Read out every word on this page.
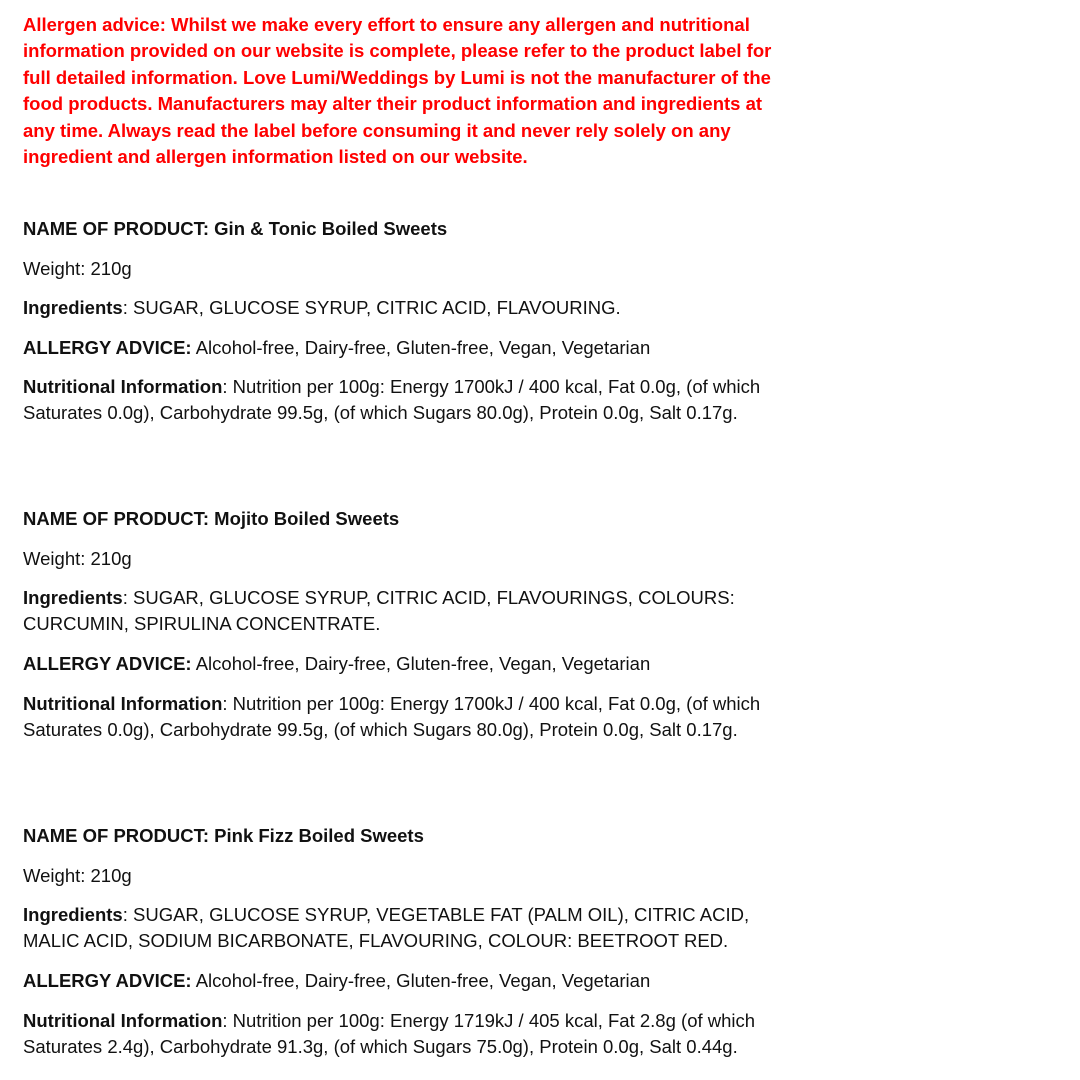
Allergen advice: Whilst we make every effort to ensure any allergen and nutritional information provided on our website is complete, please refer to the product label for full detailed information. Love Lumi/Weddings by Lumi is not the manufacturer of the food products. Manufacturers may alter their product information and ingredients at any time. Always read the label before consuming it and never rely solely on any ingredient and allergen information listed on our website.

NAME OF PRODUCT: Gin & Tonic Boiled Sweets

Weight: 210g

Ingredients: SUGAR, GLUCOSE SYRUP, CITRIC ACID, FLAVOURING.

ALLERGY ADVICE: Alcohol-free, Dairy-free, Gluten-free, Vegan, Vegetarian

Nutritional Information: Nutrition per 100g: Energy 1700kJ / 400 kcal, Fat 0.0g, (of which Saturates 0.0g), Carbohydrate 99.5g, (of which Sugars 80.0g), Protein 0.0g, Salt 0.17g.

NAME OF PRODUCT: Mojito Boiled Sweets

Weight: 210g

Ingredients: SUGAR, GLUCOSE SYRUP, CITRIC ACID, FLAVOURINGS, COLOURS: CURCUMIN, SPIRULINA CONCENTRATE.

ALLERGY ADVICE: Alcohol-free, Dairy-free, Gluten-free, Vegan, Vegetarian

Nutritional Information: Nutrition per 100g: Energy 1700kJ / 400 kcal, Fat 0.0g, (of which Saturates 0.0g), Carbohydrate 99.5g, (of which Sugars 80.0g), Protein 0.0g, Salt 0.17g.

NAME OF PRODUCT: Pink Fizz Boiled Sweets

Weight: 210g

Ingredients: SUGAR, GLUCOSE SYRUP, VEGETABLE FAT (PALM OIL), CITRIC ACID, MALIC ACID, SODIUM BICARBONATE, FLAVOURING, COLOUR: BEETROOT RED.

ALLERGY ADVICE: Alcohol-free, Dairy-free, Gluten-free, Vegan, Vegetarian

Nutritional Information: Nutrition per 100g: Energy 1719kJ / 405 kcal, Fat 2.8g (of which Saturates 2.4g), Carbohydrate 91.3g, (of which Sugars 75.0g), Protein 0.0g, Salt 0.44g.
